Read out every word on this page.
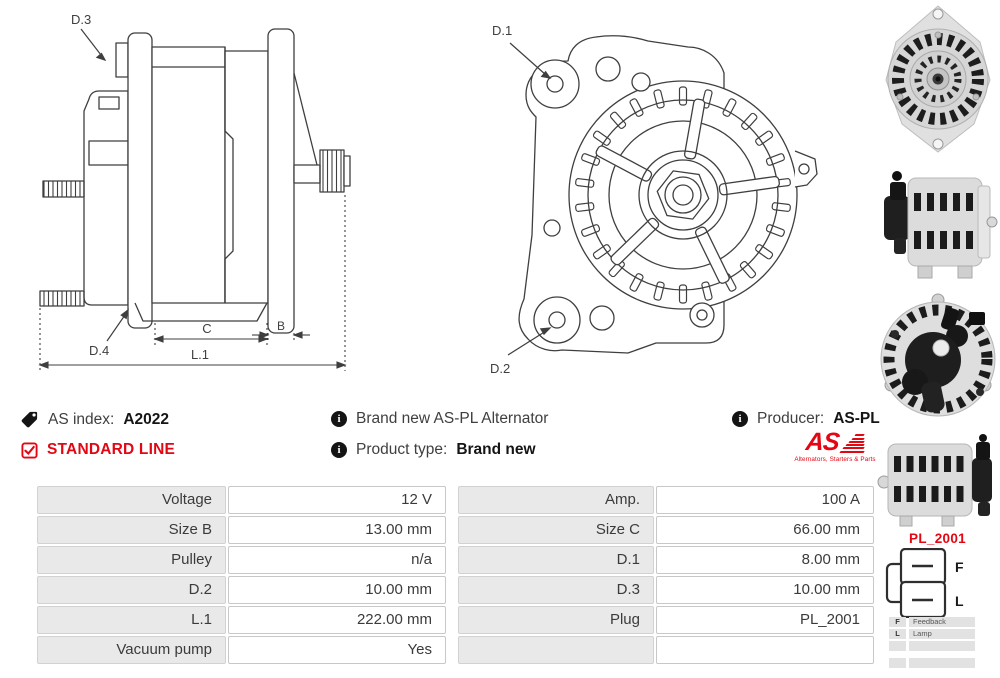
D.3
D.4
C	B
L.1
D.1
D.2
AS index: A2022
STANDARD LINE
i
Brand new AS-PL Alternator
i
Product type: Brand new
i
Producer: AS-PL
AS
Alternators, Starters & Parts
Voltage	12 V	Amp.	100 A
Size B	13.00 mm	Size C	66.00 mm
Pulley	n/a	D.1	8.00 mm
D.2	10.00 mm	D.3	10.00 mm
L.1	222.00 mm	Plug	PL_2001
Vacuum pump	Yes
PL_2001
F
L
F	Feedback
L	Lamp
